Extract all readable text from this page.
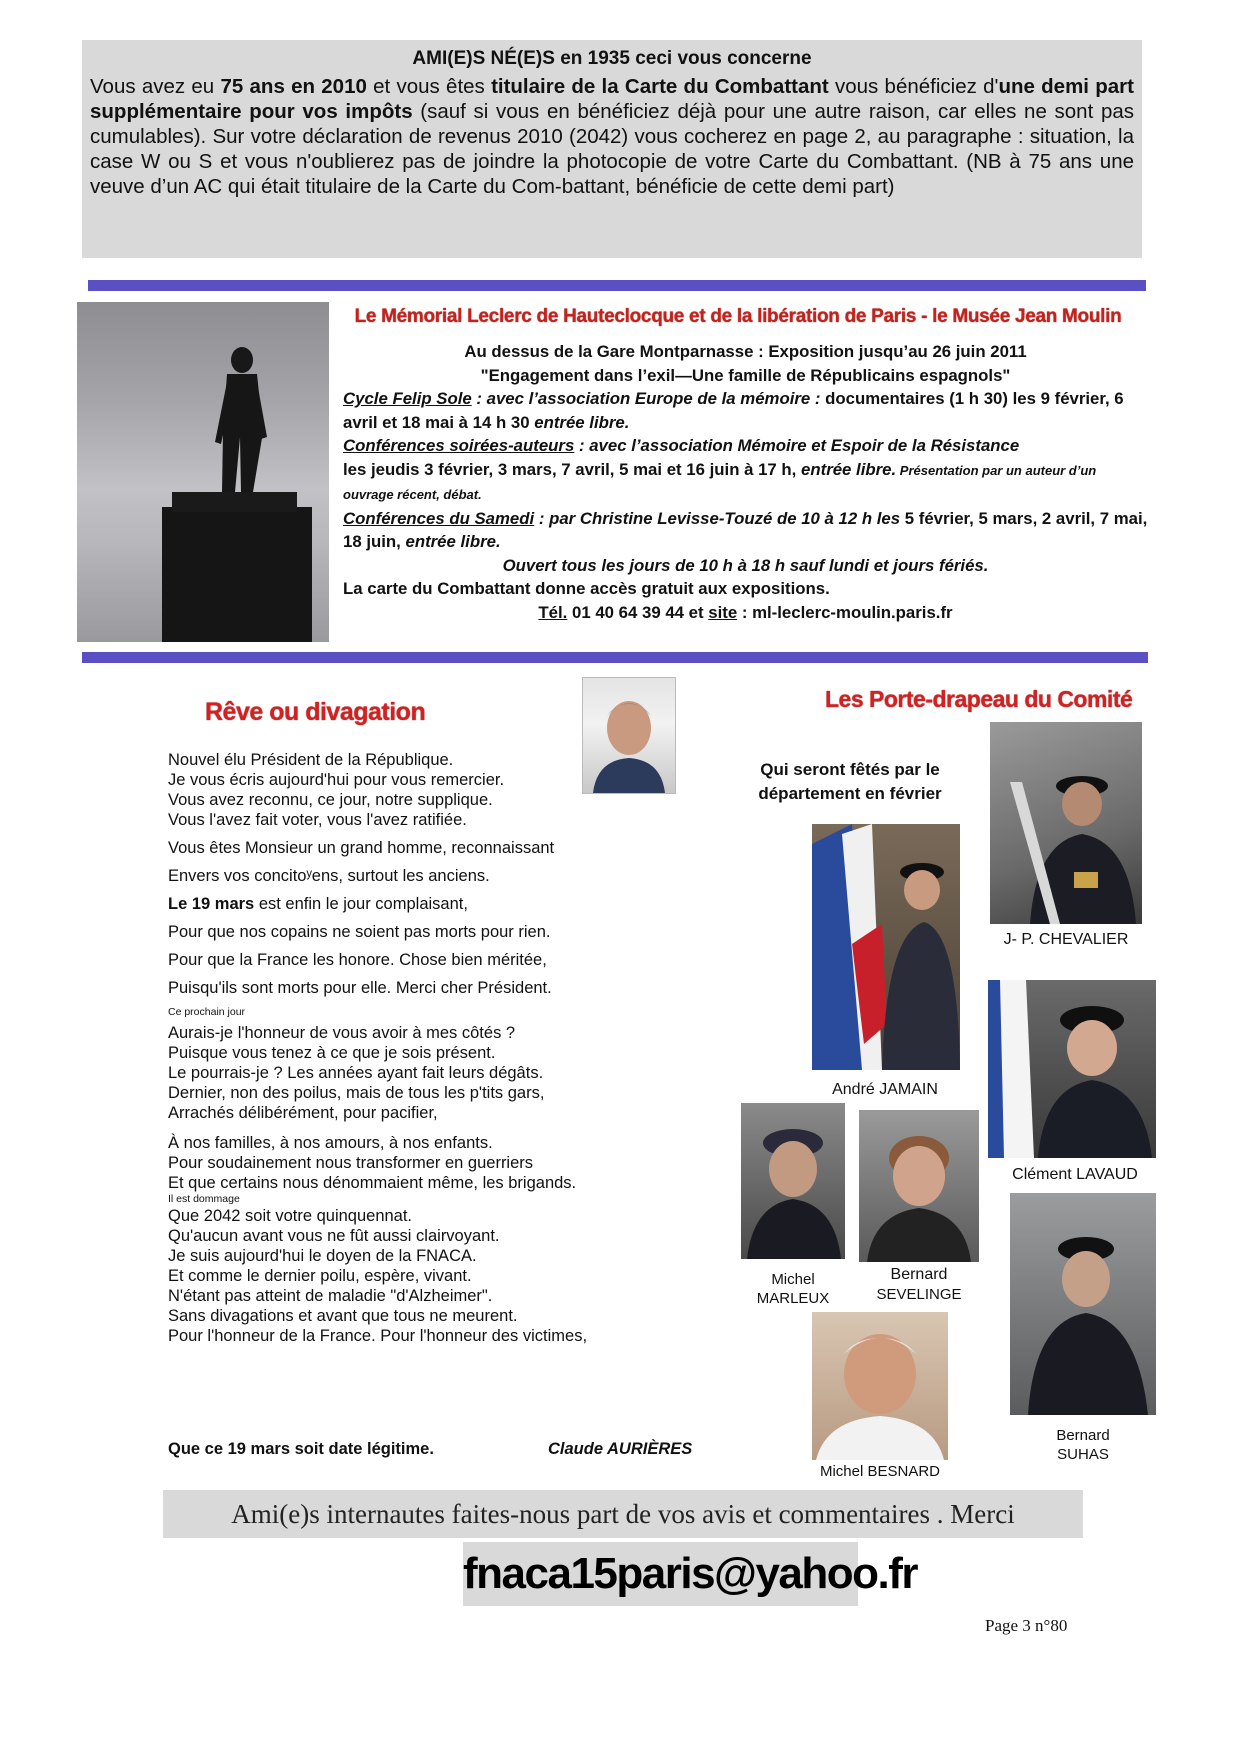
AMI(E)S NÉ(E)S en 1935 ceci vous concerne
Vous avez eu 75 ans en 2010 et vous êtes titulaire de la Carte du Combattant vous bénéficiez d'une demi part supplémentaire pour vos impôts (sauf si vous en bénéficiez déjà pour une autre raison, car elles ne sont pas cumulables). Sur votre déclaration de revenus 2010 (2042) vous cocherez en page 2, au paragraphe : situation, la case W ou S et vous n'oublierez pas de joindre la photocopie de votre Carte du Combattant. (NB à 75 ans une veuve d’un AC qui était titulaire de la Carte du Com-battant, bénéficie de cette demi part)
Le Mémorial Leclerc de Hauteclocque et de la libération de Paris - le Musée Jean Moulin
Au dessus de la Gare Montparnasse : Exposition jusqu’au 26 juin 2011
"Engagement dans l’exil—Une famille de Républicains espagnols"
Cycle Felip Sole : avec l’association Europe de la mémoire : documentaires (1 h 30) les 9 février, 6 avril et 18 mai à 14 h 30 entrée libre.
Conférences soirées-auteurs : avec l’association Mémoire et Espoir de la Résistance
les jeudis 3 février, 3 mars, 7 avril, 5 mai et 16 juin à 17 h, entrée libre. Présentation par un auteur d’un ouvrage récent, débat.
Conférences du Samedi : par Christine Levisse-Touzé de 10 à 12 h les 5 février, 5 mars, 2 avril, 7 mai, 18 juin, entrée libre.
Ouvert tous les jours de 10 h à 18 h sauf lundi et jours fériés.
La carte du Combattant donne accès gratuit aux expositions.
Tél. 01 40 64 39 44 et site : ml-leclerc-moulin.paris.fr
Rêve ou divagation
Nouvel élu Président de la République.
Je vous écris aujourd'hui pour vous remercier.
Vous avez reconnu, ce jour, notre supplique.
Vous l'avez fait voter, vous l'avez ratifiée.
Vous êtes Monsieur un grand homme, reconnaissant
Envers vos concitoʸens, surtout les anciens.
Le 19 mars est enfin le jour complaisant,
Pour que nos copains ne soient pas morts pour rien.
Pour que la France les honore. Chose bien méritée,
Puisqu'ils sont morts pour elle. Merci cher Président.
Ce prochain jour
Aurais-je l'honneur de vous avoir à mes côtés ?
Puisque vous tenez à ce que je sois présent.
Le pourrais-je ? Les années ayant fait leurs dégâts.
Dernier, non des poilus, mais de tous les p'tits gars,
Arrachés délibérément, pour pacifier,
À nos familles, à nos amours, à nos enfants.
Pour soudainement nous transformer en guerriers
Et que certains nous dénommaient même, les brigands.
Il est dommage
Que 2042 soit votre quinquennat.
Qu'aucun avant vous ne fût aussi clairvoyant.
Je suis aujourd'hui le doyen de la FNACA.
Et comme le dernier poilu, espère, vivant.
N'étant pas atteint de maladie "d'Alzheimer".
Sans divagations et avant que tous ne meurent.
Pour l'honneur de la France. Pour l'honneur des victimes,
Que ce 19 mars soit date légitime.	Claude AURIÈRES
Les Porte-drapeau du Comité
Qui seront fêtés par le département en février
J- P. CHEVALIER
André JAMAIN
Clément LAVAUD
Michel
MARLEUX
Bernard
SEVELINGE
Bernard
SUHAS
Michel BESNARD
Ami(e)s internautes faites-nous part de vos avis et commentaires . Merci
fnaca15paris@yahoo.fr
Page 3 n°80
